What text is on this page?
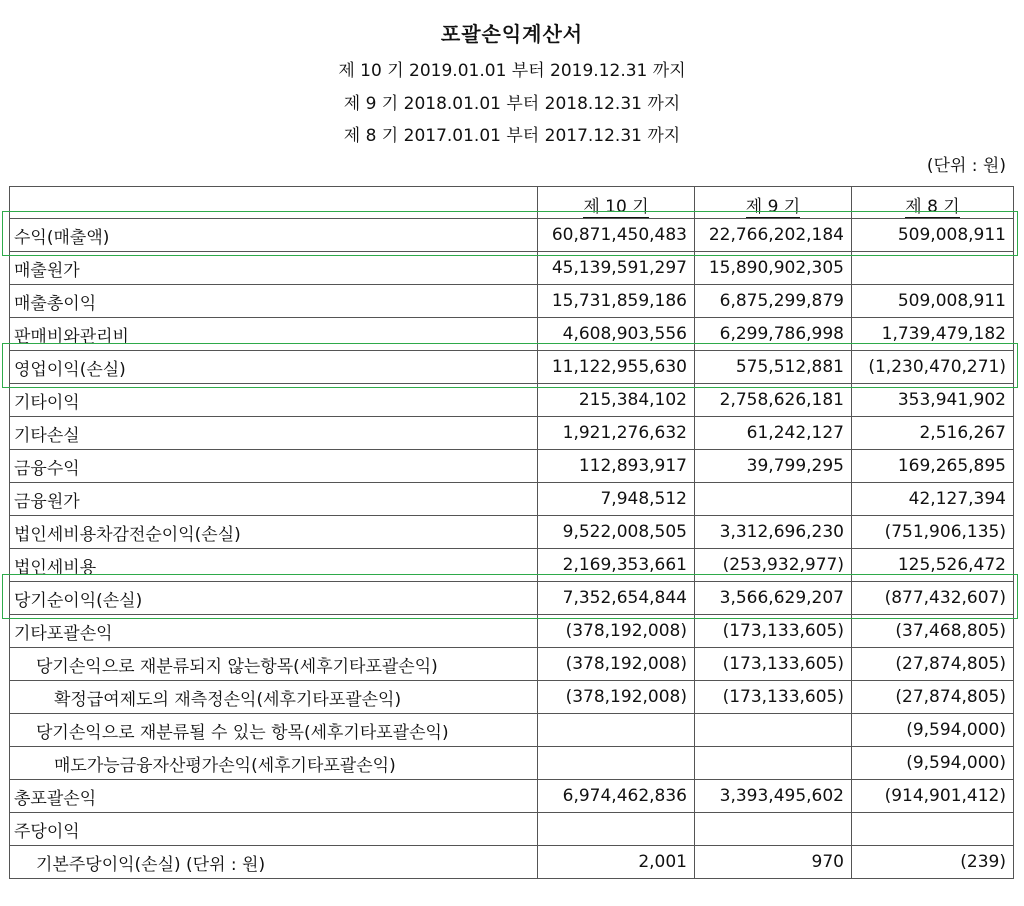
포괄손익계산서
제 10 기 2019.01.01 부터 2019.12.31 까지
제 9 기 2018.01.01 부터 2018.12.31 까지
제 8 기 2017.01.01 부터 2017.12.31 까지
(단위 : 원)
	제 10 기	제 9 기	제 8 기
수익(매출액)	60,871,450,483	22,766,202,184	509,008,911
매출원가	45,139,591,297	15,890,902,305	
매출총이익	15,731,859,186	6,875,299,879	509,008,911
판매비와관리비	4,608,903,556	6,299,786,998	1,739,479,182
영업이익(손실)	11,122,955,630	575,512,881	(1,230,470,271)
기타이익	215,384,102	2,758,626,181	353,941,902
기타손실	1,921,276,632	61,242,127	2,516,267
금융수익	112,893,917	39,799,295	169,265,895
금융원가	7,948,512		42,127,394
법인세비용차감전순이익(손실)	9,522,008,505	3,312,696,230	(751,906,135)
법인세비용	2,169,353,661	(253,932,977)	125,526,472
당기순이익(손실)	7,352,654,844	3,566,629,207	(877,432,607)
기타포괄손익	(378,192,008)	(173,133,605)	(37,468,805)
당기손익으로 재분류되지 않는항목(세후기타포괄손익)	(378,192,008)	(173,133,605)	(27,874,805)
확정급여제도의 재측정손익(세후기타포괄손익)	(378,192,008)	(173,133,605)	(27,874,805)
당기손익으로 재분류될 수 있는 항목(세후기타포괄손익)			(9,594,000)
매도가능금융자산평가손익(세후기타포괄손익)			(9,594,000)
총포괄손익	6,974,462,836	3,393,495,602	(914,901,412)
주당이익			
기본주당이익(손실) (단위 : 원)	2,001	970	(239)
